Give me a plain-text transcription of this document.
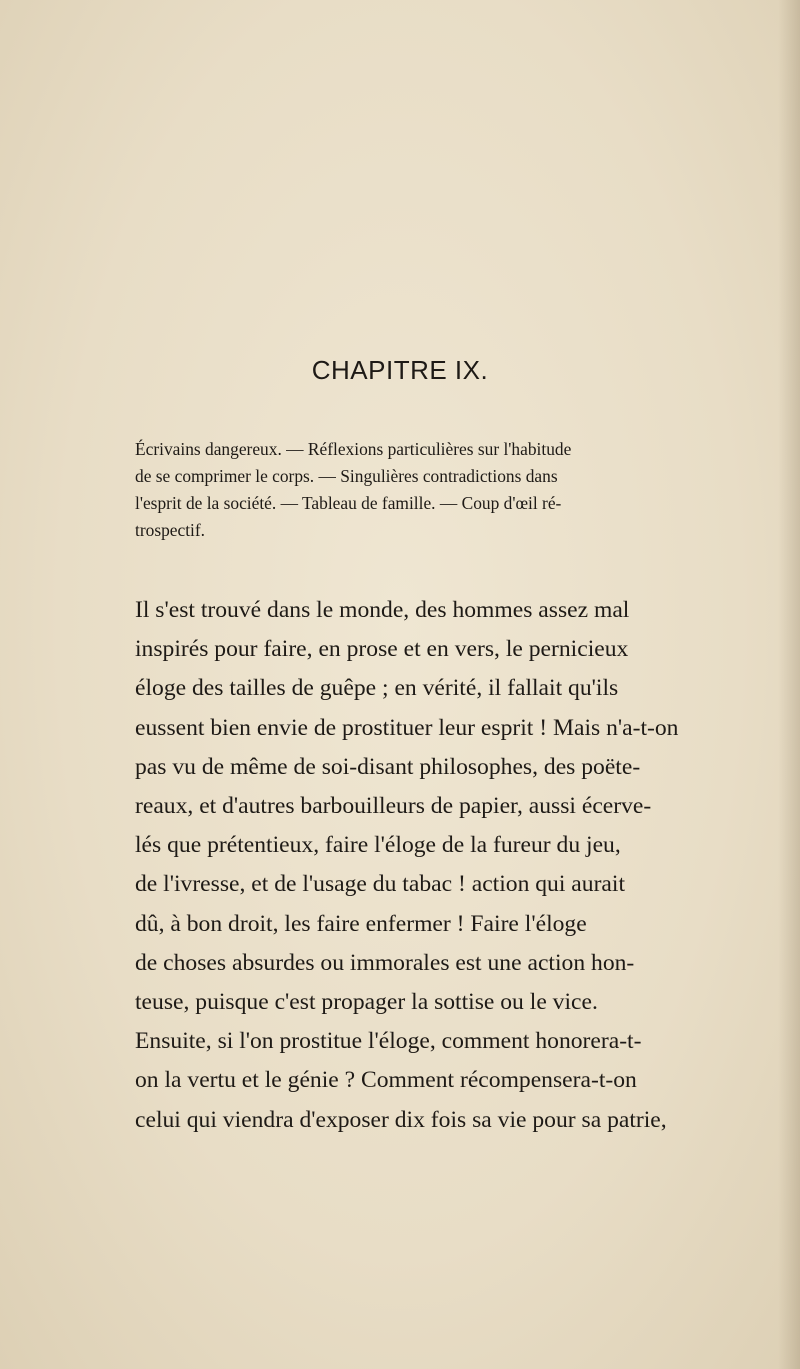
CHAPITRE IX.

Écrivains dangereux. — Réflexions particulières sur l'habitude
de se comprimer le corps. — Singulières contradictions dans
l'esprit de la société. — Tableau de famille. — Coup d'œil ré-
trospectif.

Il s'est trouvé dans le monde, des hommes assez mal
inspirés pour faire, en prose et en vers, le pernicieux
éloge des tailles de guêpe ; en vérité, il fallait qu'ils
eussent bien envie de prostituer leur esprit ! Mais n'a-t-on
pas vu de même de soi-disant philosophes, des poëte-
reaux, et d'autres barbouilleurs de papier, aussi écerve-
lés que prétentieux, faire l'éloge de la fureur du jeu,
de l'ivresse, et de l'usage du tabac ! action qui aurait
dû, à bon droit, les faire enfermer ! Faire l'éloge
de choses absurdes ou immorales est une action hon-
teuse, puisque c'est propager la sottise ou le vice.
Ensuite, si l'on prostitue l'éloge, comment honorera-t-
on la vertu et le génie ? Comment récompensera-t-on
celui qui viendra d'exposer dix fois sa vie pour sa patrie,
